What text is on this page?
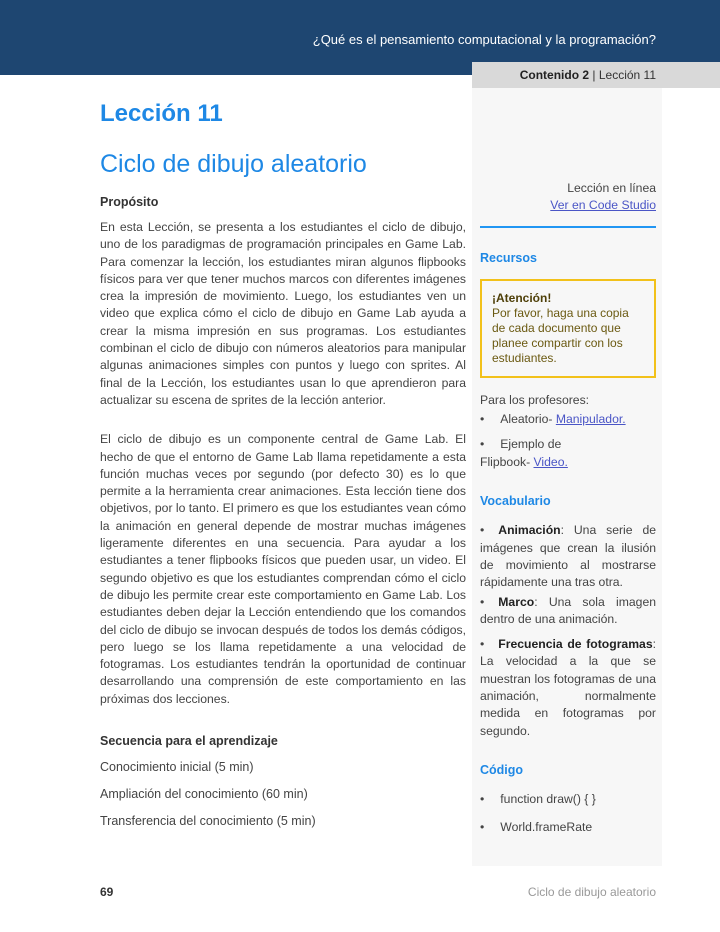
¿Qué es el pensamiento computacional y la programación?
Contenido 2 | Lección 11
Lección 11
Ciclo de dibujo aleatorio
Propósito

En esta Lección, se presenta a los estudiantes el ciclo de dibujo, uno de los paradigmas de programación principales en Game Lab. Para comenzar la lección, los estudiantes miran algunos flipbooks físicos para ver que tener muchos marcos con diferentes imágenes crea la impresión de movimiento. Luego, los estudiantes ven un video que explica cómo el ciclo de dibujo en Game Lab ayuda a crear la misma impresión en sus programas. Los estudiantes combinan el ciclo de dibujo con números aleatorios para manipular algunas animaciones simples con puntos y luego con sprites. Al final de la Lección, los estudiantes usan lo que aprendieron para actualizar su escena de sprites de la lección anterior.

El ciclo de dibujo es un componente central de Game Lab. El hecho de que el entorno de Game Lab llama repetidamente a esta función muchas veces por segundo (por defecto 30) es lo que permite a la herramienta crear animaciones. Esta lección tiene dos objetivos, por lo tanto. El primero es que los estudiantes vean cómo la animación en general depende de mostrar muchas imágenes ligeramente diferentes en una secuencia. Para ayudar a los estudiantes a tener flipbooks físicos que pueden usar, un video. El segundo objetivo es que los estudiantes comprendan cómo el ciclo de dibujo les permite crear este comportamiento en Game Lab. Los estudiantes deben dejar la Lección entendiendo que los comandos del ciclo de dibujo se invocan después de todos los demás códigos, pero luego se los llama repetidamente a una velocidad de fotogramas. Los estudiantes tendrán la oportunidad de continuar desarrollando una comprensión de este comportamiento en las próximas dos lecciones.

Secuencia para el aprendizaje
Conocimiento inicial (5 min)
Ampliación del conocimiento (60 min)
Transferencia del conocimiento (5 min)
Lección en línea
Ver en Code Studio
Recursos
¡Atención!
Por favor, haga una copia de cada documento que planee compartir con los estudiantes.
Para los profesores:
• Aleatorio- Manipulador.
• Ejemplo de Flipbook- Video.
Vocabulario
• Animación: Una serie de imágenes que crean la ilusión de movimiento al mostrarse rápidamente una tras otra.
• Marco: Una sola imagen dentro de una animación.
• Frecuencia de fotogramas: La velocidad a la que se muestran los fotogramas de una animación, normalmente medida en fotogramas por segundo.
Código
• function draw() { }
• World.frameRate
69	Ciclo de dibujo aleatorio
